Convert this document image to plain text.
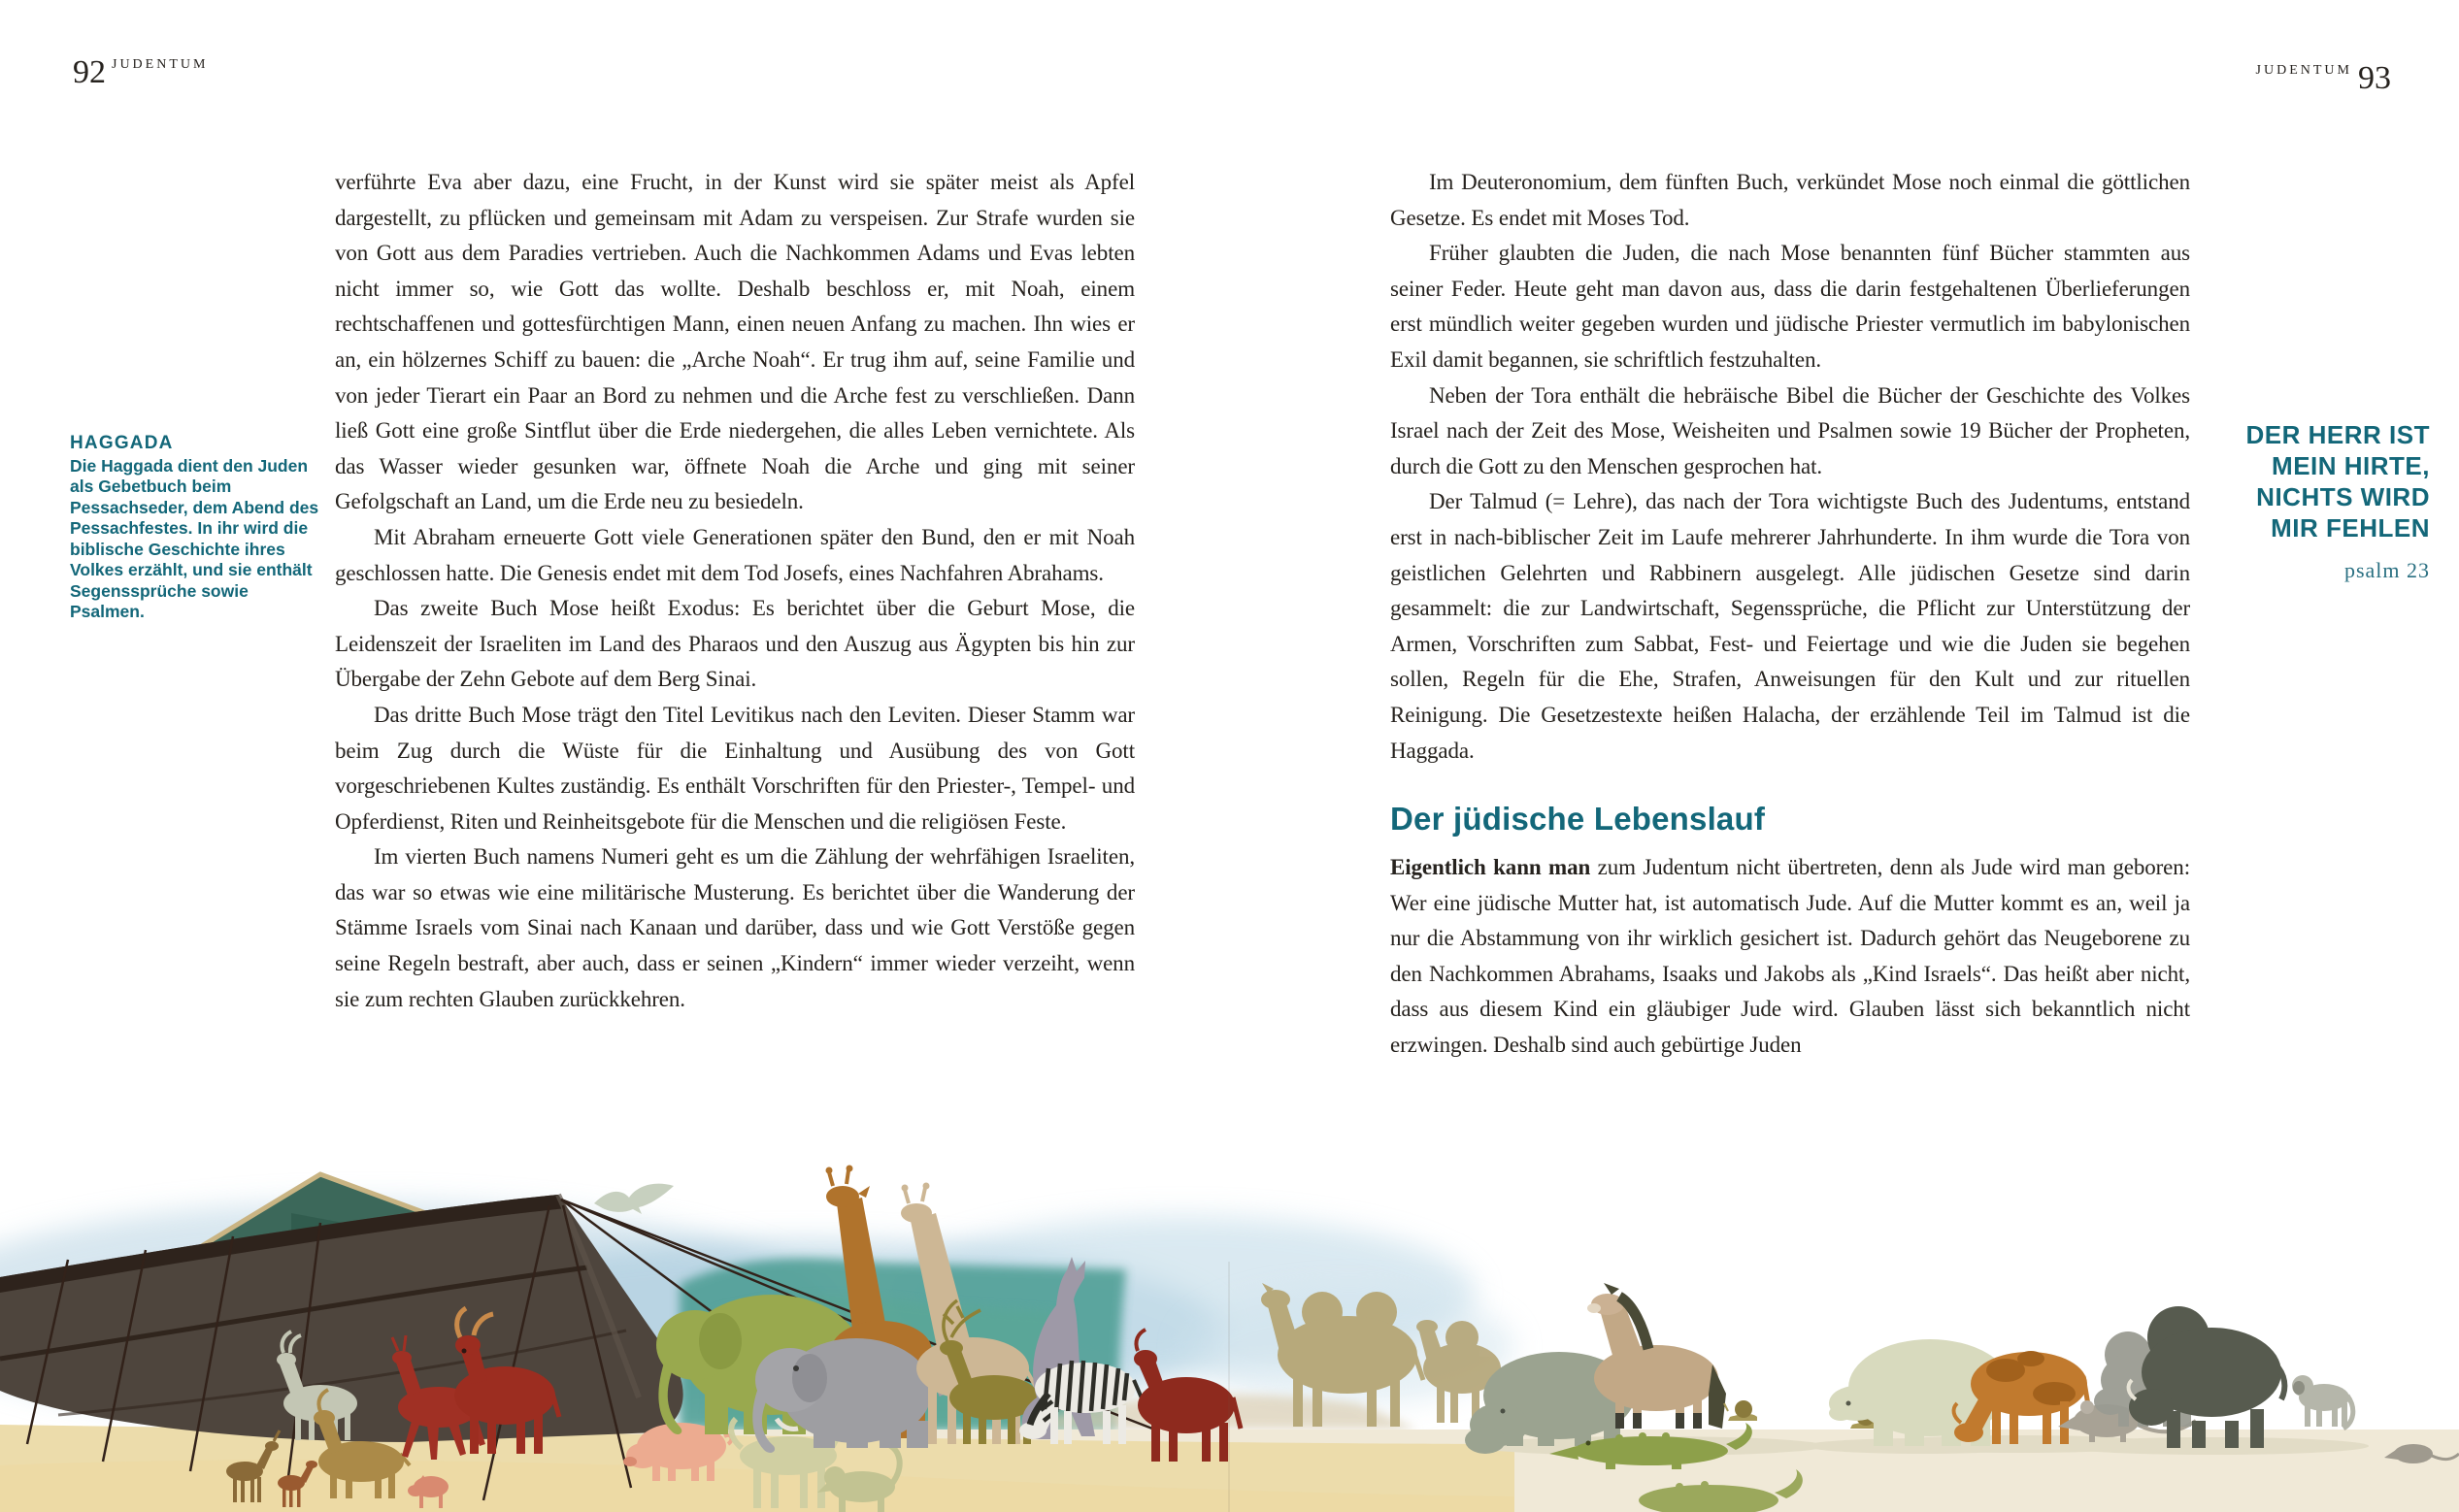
92 JUDENTUM	JUDENTUM 93
HAGGADA
Die Haggada dient den Juden als Gebetbuch beim Pessachseder, dem Abend des Pessachfestes. In ihr wird die biblische Geschichte ihres Volkes erzählt, und sie enthält Segenssprüche sowie Psalmen.

verführte Eva aber dazu, eine Frucht, in der Kunst wird sie später meist als Apfel dargestellt, zu pflücken und gemeinsam mit Adam zu verspeisen. Zur Strafe wurden sie von Gott aus dem Paradies vertrieben. Auch die Nachkommen Adams und Evas lebten nicht immer so, wie Gott das wollte. Deshalb beschloss er, mit Noah, einem rechtschaffenen und gottesfürchtigen Mann, einen neuen Anfang zu machen. Ihn wies er an, ein hölzernes Schiff zu bauen: die „Arche Noah“. Er trug ihm auf, seine Familie und von jeder Tierart ein Paar an Bord zu nehmen und die Arche fest zu verschließen. Dann ließ Gott eine große Sintflut über die Erde niedergehen, die alles Leben vernichtete. Als das Wasser wieder gesunken war, öffnete Noah die Arche und ging mit seiner Gefolgschaft an Land, um die Erde neu zu besiedeln.

Mit Abraham erneuerte Gott viele Generationen später den Bund, den er mit Noah geschlossen hatte. Die Genesis endet mit dem Tod Josefs, eines Nachfahren Abrahams.

Das zweite Buch Mose heißt Exodus: Es berichtet über die Geburt Mose, die Leidenszeit der Israeliten im Land des Pharaos und den Auszug aus Ägypten bis hin zur Übergabe der Zehn Gebote auf dem Berg Sinai.

Das dritte Buch Mose trägt den Titel Levitikus nach den Leviten. Dieser Stamm war beim Zug durch die Wüste für die Einhaltung und Ausübung des von Gott vorgeschriebenen Kultes zuständig. Es enthält Vorschriften für den Priester-, Tempel- und Opferdienst, Riten und Reinheitsgebote für die Menschen und die religiösen Feste.

Im vierten Buch namens Numeri geht es um die Zählung der wehrfähigen Israeliten, das war so etwas wie eine militärische Musterung. Es berichtet über die Wanderung der Stämme Israels vom Sinai nach Kanaan und darüber, dass und wie Gott Verstöße gegen seine Regeln bestraft, aber auch, dass er seinen „Kindern“ immer wieder verzeiht, wenn sie zum rechten Glauben zurückkehren.

Im Deuteronomium, dem fünften Buch, verkündet Mose noch einmal die göttlichen Gesetze. Es endet mit Moses Tod.

Früher glaubten die Juden, die nach Mose benannten fünf Bücher stammten aus seiner Feder. Heute geht man davon aus, dass die darin festgehaltenen Überlieferungen erst mündlich weiter gegeben wurden und jüdische Priester vermutlich im babylonischen Exil damit begannen, sie schriftlich festzuhalten.

Neben der Tora enthält die hebräische Bibel die Bücher der Geschichte des Volkes Israel nach der Zeit des Mose, Weisheiten und Psalmen sowie 19 Bücher der Propheten, durch die Gott zu den Menschen gesprochen hat.

Der Talmud (= Lehre), das nach der Tora wichtigste Buch des Judentums, entstand erst in nach-biblischer Zeit im Laufe mehrerer Jahrhunderte. In ihm wurde die Tora von geistlichen Gelehrten und Rabbinern ausgelegt. Alle jüdischen Gesetze sind darin gesammelt: die zur Landwirtschaft, Segenssprüche, die Pflicht zur Unterstützung der Armen, Vorschriften zum Sabbat, Fest- und Feiertage und wie die Juden sie begehen sollen, Regeln für die Ehe, Strafen, Anweisungen für den Kult und zur rituellen Reinigung. Die Gesetzestexte heißen Halacha, der erzählende Teil im Talmud ist die Haggada.

Der jüdische Lebenslauf

Eigentlich kann man zum Judentum nicht übertreten, denn als Jude wird man geboren: Wer eine jüdische Mutter hat, ist automatisch Jude. Auf die Mutter kommt es an, weil ja nur die Abstammung von ihr wirklich gesichert ist. Dadurch gehört das Neugeborene zu den Nachkommen Abrahams, Isaaks und Jakobs als „Kind Israels“. Das heißt aber nicht, dass aus diesem Kind ein gläubiger Jude wird. Glauben lässt sich bekanntlich nicht erzwingen. Deshalb sind auch gebürtige Juden

DER HERR IST
MEIN HIRTE,
NICHTS WIRD
MIR FEHLEN
psalm 23
